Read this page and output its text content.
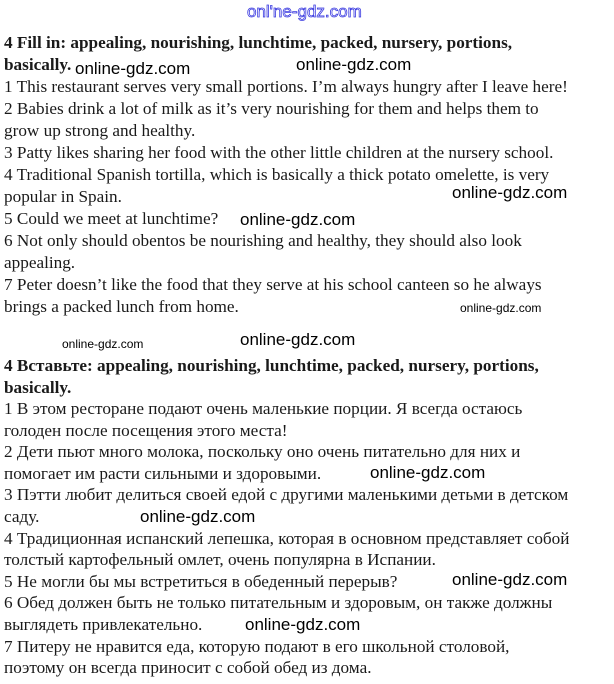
onl'ne-gdz.com
4 Fill in: appealing, nourishing, lunchtime, packed, nursery, portions,
basically.
1 This restaurant serves very small portions. I’m always hungry after I leave here!
2 Babies drink a lot of milk as it’s very nourishing for them and helps them to
grow up strong and healthy.
3 Patty likes sharing her food with the other little children at the nursery school.
4 Traditional Spanish tortilla, which is basically a thick potato omelette, is very
popular in Spain.
5 Could we meet at lunchtime?
6 Not only should obentos be nourishing and healthy, they should also look
appealing.
7 Peter doesn’t like the food that they serve at his school canteen so he always
brings a packed lunch from home.
4 Вставьте: appealing, nourishing, lunchtime, packed, nursery, portions,
basically.
1 В этом ресторане подают очень маленькие порции. Я всегда остаюсь
голоден после посещения этого места!
2 Дети пьют много молока, поскольку оно очень питательно для них и
помогает им расти сильными и здоровыми.
3 Пэтти любит делиться своей едой с другими маленькими детьми в детском
саду.
4 Традиционная испанский лепешка, которая в основном представляет собой
толстый картофельный омлет, очень популярна в Испании.
5 Не могли бы мы встретиться в обеденный перерыв?
6 Обед должен быть не только питательным и здоровым, он также должны
выглядеть привлекательно.
7 Питеру не нравится еда, которую подают в его школьной столовой,
поэтому он всегда приносит с собой обед из дома.
online-gdz.com	online-gdz.com
online-gdz.com
online-gdz.com
online-gdz.com
online-gdz.com
online-gdz.com
online-gdz.com
online-gdz.com
online-gdz.com
online-gdz.com
